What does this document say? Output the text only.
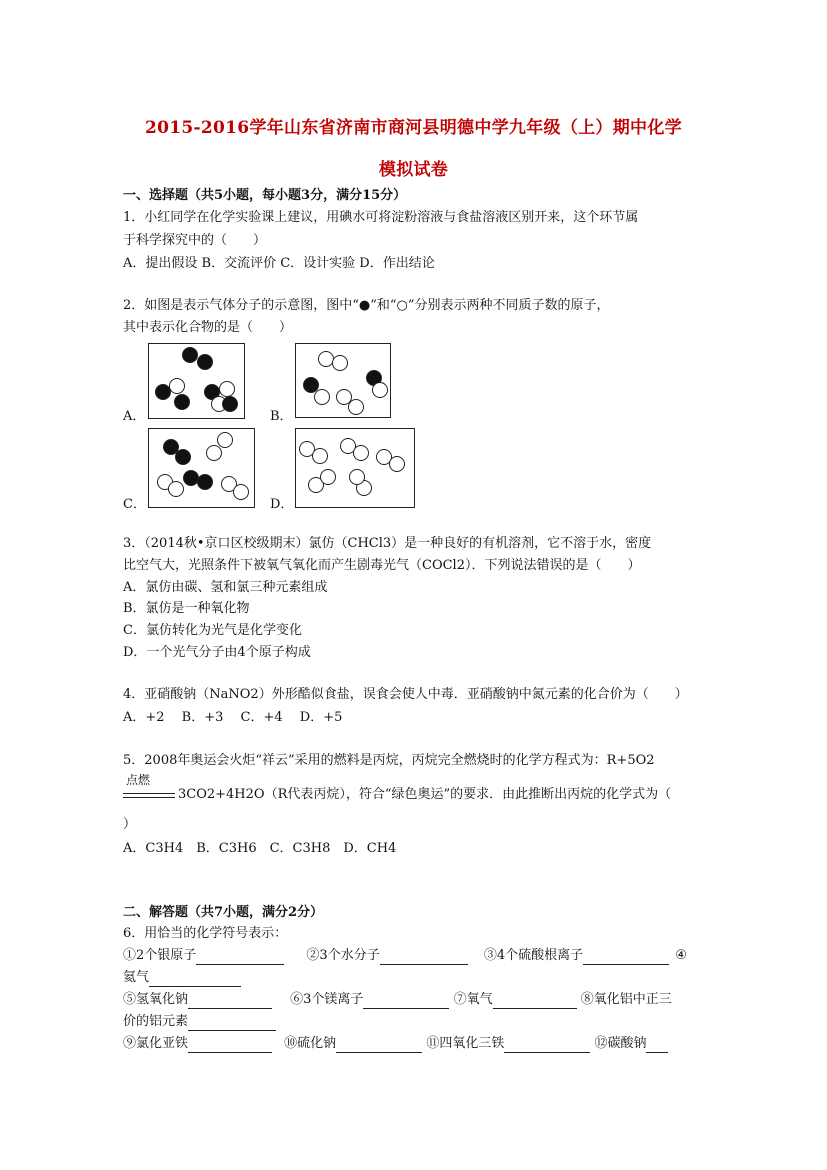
2015-2016学年山东省济南市商河县明德中学九年级（上）期中化学
模拟试卷
一、选择题（共5小题，每小题3分，满分15分）
1．小红同学在化学实验课上建议，用碘水可将淀粉溶液与食盐溶液区别开来，这个环节属
于科学探究中的（　　）
A．提出假设 B．交流评价 C．设计实验 D．作出结论
2．如图是表示气体分子的示意图，图中“●”和“○”分别表示两种不同质子数的原子，
其中表示化合物的是（　　）
A．	B．
C．	D．
3．（2014秋•京口区校级期末）氯仿（CHCl3）是一种良好的有机溶剂，它不溶于水，密度
比空气大，光照条件下被氧气氧化而产生剧毒光气（COCl2）．下列说法错误的是（　　）
A．氯仿由碳、氢和氯三种元素组成
B．氯仿是一种氧化物
C．氯仿转化为光气是化学变化
D．一个光气分子由4个原子构成
4．亚硝酸钠（NaNO2）外形酷似食盐，误食会使人中毒．亚硝酸钠中氮元素的化合价为（　　）
A．+2　 B．+3　 C．+4　 D．+5
5．2008年奥运会火炬“祥云”采用的燃料是丙烷，丙烷完全燃烧时的化学方程式为：R+5O2
点燃
3CO2+4H2O（R代表丙烷），符合“绿色奥运”的要求．由此推断出丙烷的化学式为（
）
A．C3H4　B．C3H6　C．C3H8　D．CH4
二、解答题（共7小题，满分2分）
6．用恰当的化学符号表示：
①2个银原子	②3个水分子	③4个硫酸根离子	④
氦气
⑤氢氧化钠	⑥3个镁离子	⑦氧气	⑧氧化铝中正三
价的铝元素
⑨氯化亚铁	⑩硫化钠	⑪四氧化三铁	⑫碳酸钠
